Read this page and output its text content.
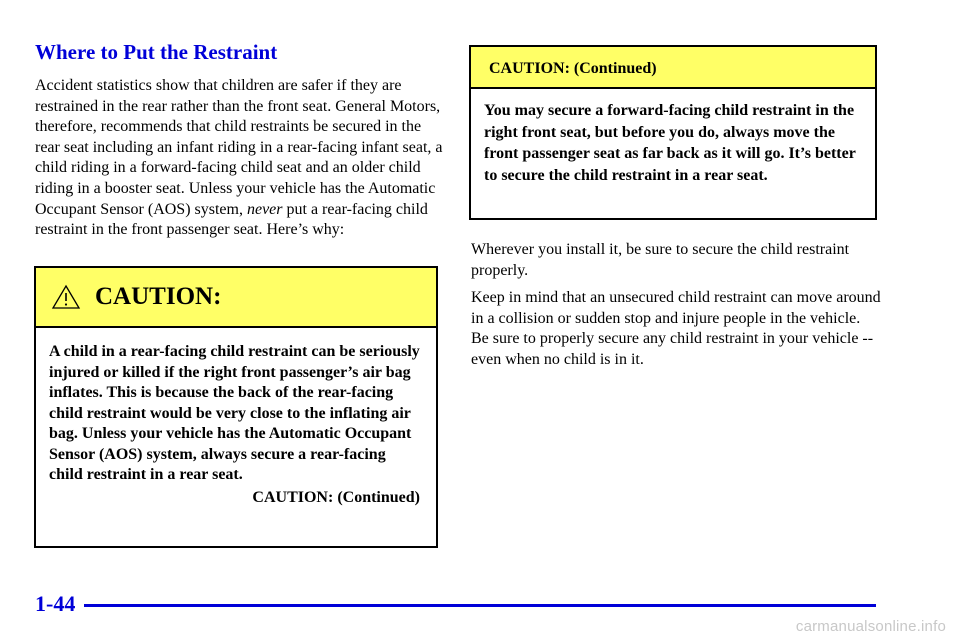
Where to Put the Restraint
Accident statistics show that children are safer if they are restrained in the rear rather than the front seat. General Motors, therefore, recommends that child restraints be secured in the rear seat including an infant riding in a rear-facing infant seat, a child riding in a forward-facing child seat and an older child riding in a booster seat. Unless your vehicle has the Automatic Occupant Sensor (AOS) system, never put a rear-facing child restraint in the front passenger seat. Here’s why:
CAUTION:
A child in a rear-facing child restraint can be seriously injured or killed if the right front passenger’s air bag inflates. This is because the back of the rear-facing child restraint would be very close to the inflating air bag. Unless your vehicle has the Automatic Occupant Sensor (AOS) system, always secure a rear-facing child restraint in a rear seat.
CAUTION: (Continued)
CAUTION: (Continued)
You may secure a forward-facing child restraint in the right front seat, but before you do, always move the front passenger seat as far back as it will go. It’s better to secure the child restraint in a rear seat.
Wherever you install it, be sure to secure the child restraint properly.
Keep in mind that an unsecured child restraint can move around in a collision or sudden stop and injure people in the vehicle. Be sure to properly secure any child restraint in your vehicle -- even when no child is in it.
1-44
carmanualsonline.info
